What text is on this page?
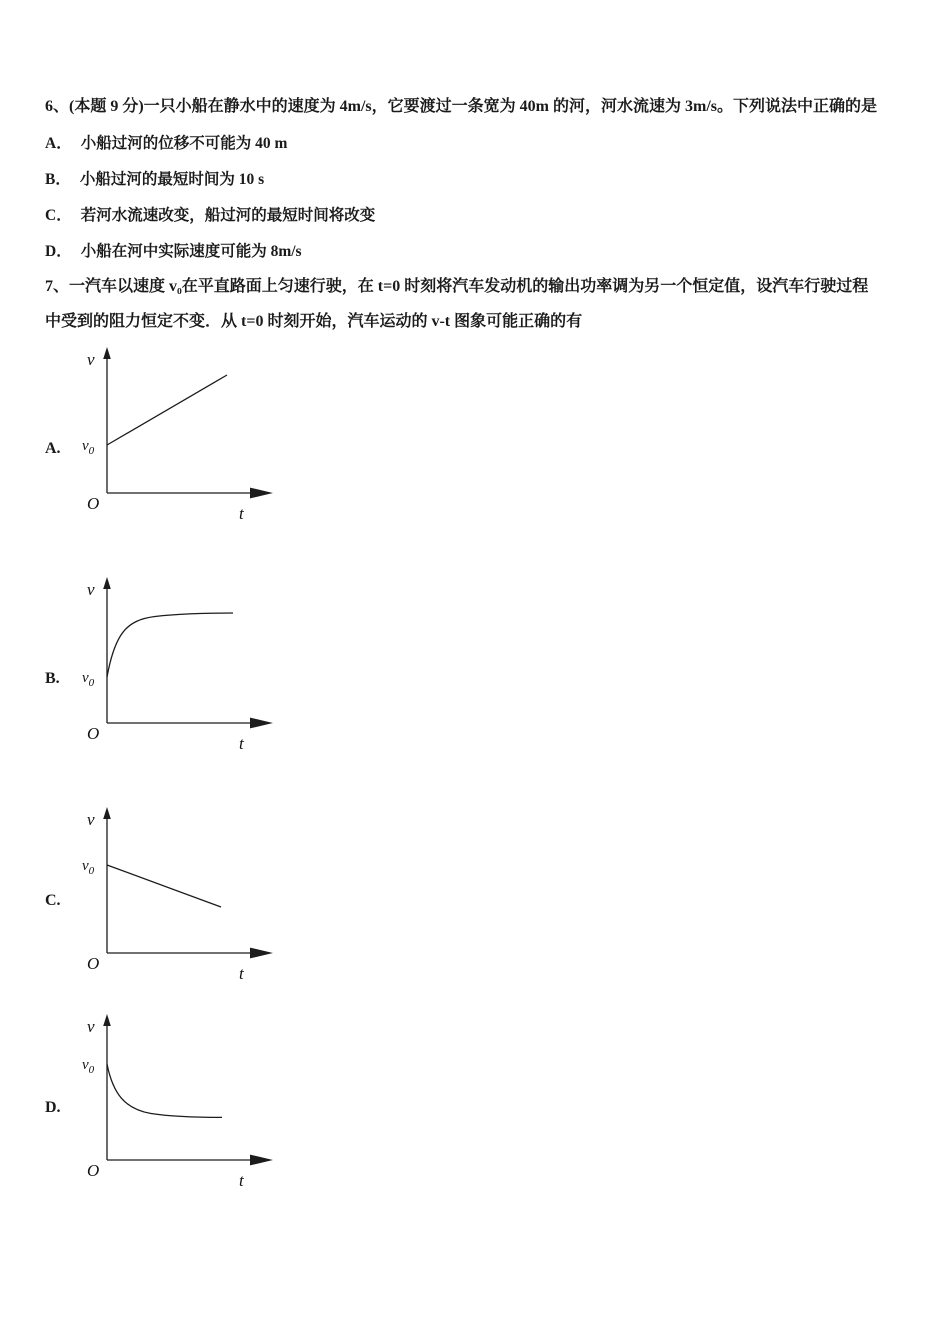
6、(本题 9 分)一只小船在静水中的速度为 4m/s，它要渡过一条宽为 40m 的河，河水流速为 3m/s。下列说法中正确的是

A． 小船过河的位移不可能为 40 m
B． 小船过河的最短时间为 10 s
C． 若河水流速改变，船过河的最短时间将改变
D． 小船在河中实际速度可能为 8m/s

7、一汽车以速度 v₀在平直路面上匀速行驶，在 t=0 时刻将汽车发动机的输出功率调为另一个恒定值，设汽车行驶过程

中受到的阻力恒定不变．从 t=0 时刻开始，汽车运动的 v-t 图象可能正确的有

A.
v
O
t
$v_0$
B.
v
O
t
$v_0$
C.
v
O
t
$v_0$
D.
v
O
t
$v_0$
